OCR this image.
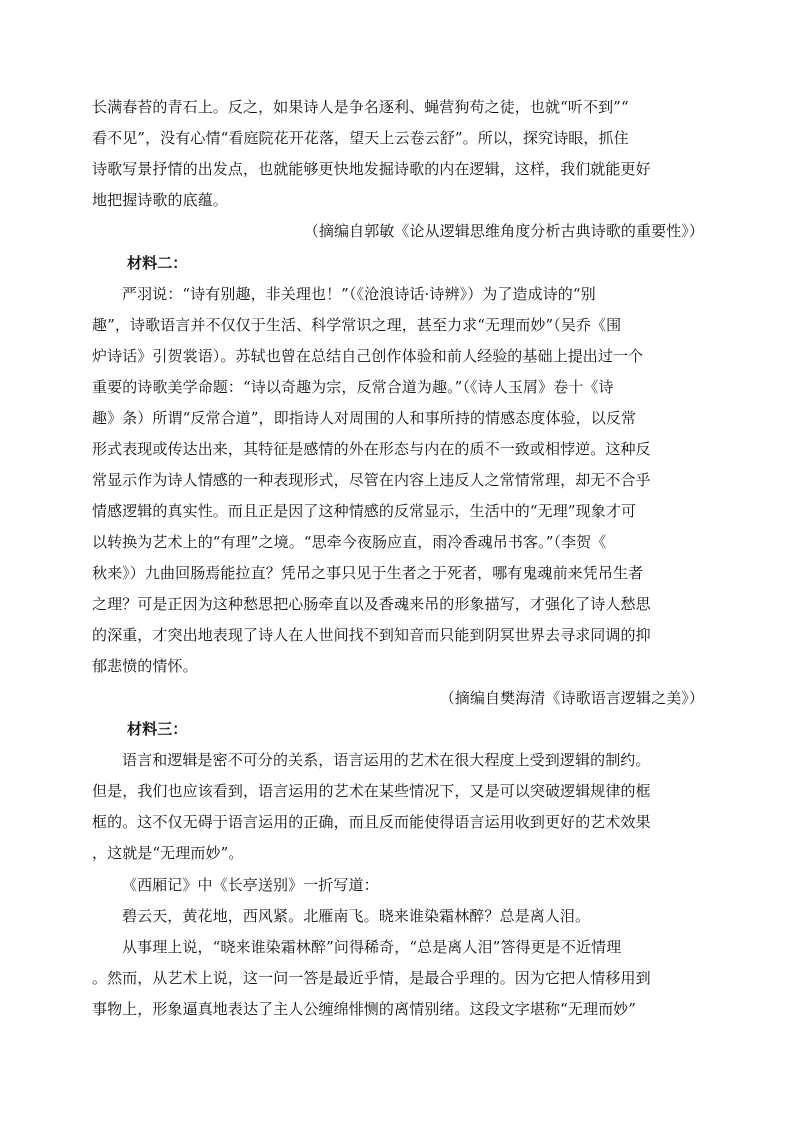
长满春苔的青石上。反之，如果诗人是争名逐利、蝇营狗苟之徒，也就“听不到”“
看不见”，没有心情“看庭院花开花落，望天上云卷云舒”。所以，探究诗眼，抓住
诗歌写景抒情的出发点，也就能够更快地发掘诗歌的内在逻辑，这样，我们就能更好
地把握诗歌的底蕴。
（摘编自郭敏《论从逻辑思维角度分析古典诗歌的重要性》）
材料二：
严羽说：“诗有别趣，非关理也！”（《沧浪诗话·诗辨》）为了造成诗的“别
趣”，诗歌语言并不仅仅于生活、科学常识之理，甚至力求“无理而妙”（吴乔《围
炉诗话》引贺裳语）。苏轼也曾在总结自己创作体验和前人经验的基础上提出过一个
重要的诗歌美学命题：“诗以奇趣为宗，反常合道为趣。”（《诗人玉屑》卷十《诗
趣》条）所谓“反常合道”，即指诗人对周围的人和事所持的情感态度体验，以反常
形式表现或传达出来，其特征是感情的外在形态与内在的质不一致或相悖逆。这种反
常显示作为诗人情感的一种表现形式，尽管在内容上违反人之常情常理，却无不合乎
情感逻辑的真实性。而且正是因了这种情感的反常显示，生活中的“无理”现象才可
以转换为艺术上的“有理”之境。“思牵今夜肠应直，雨冷香魂吊书客。”（李贺《
秋来》）九曲回肠焉能拉直？凭吊之事只见于生者之于死者，哪有鬼魂前来凭吊生者
之理？可是正因为这种愁思把心肠牵直以及香魂来吊的形象描写，才强化了诗人愁思
的深重，才突出地表现了诗人在人世间找不到知音而只能到阴冥世界去寻求同调的抑
郁悲愤的情怀。
（摘编自樊海清《诗歌语言逻辑之美》）
材料三：
语言和逻辑是密不可分的关系，语言运用的艺术在很大程度上受到逻辑的制约。
但是，我们也应该看到，语言运用的艺术在某些情况下，又是可以突破逻辑规律的框
框的。这不仅无碍于语言运用的正确，而且反而能使得语言运用收到更好的艺术效果
，这就是“无理而妙”。
《西厢记》中《长亭送别》一折写道：
碧云天，黄花地，西风紧。北雁南飞。晓来谁染霜林醉？总是离人泪。
从事理上说，“晓来谁染霜林醉”问得稀奇，“总是离人泪”答得更是不近情理
。然而，从艺术上说，这一问一答是最近乎情，是最合乎理的。因为它把人情移用到
事物上，形象逼真地表达了主人公缠绵悱恻的离情别绪。这段文字堪称“无理而妙”
